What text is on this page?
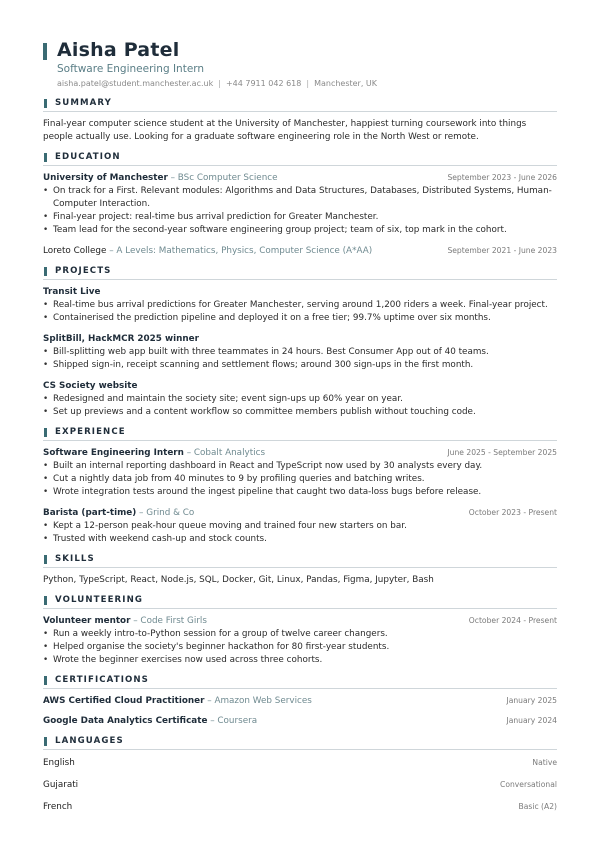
Aisha Patel
Software Engineering Intern
aisha.patel@student.manchester.ac.uk | +44 7911 042 618 | Manchester, UK
SUMMARY
Final-year computer science student at the University of Manchester, happiest turning coursework into things people actually use. Looking for a graduate software engineering role in the North West or remote.
EDUCATION
University of Manchester – BSc Computer Science	September 2023 - June 2026
• On track for a First. Relevant modules: Algorithms and Data Structures, Databases, Distributed Systems, Human-Computer Interaction.
• Final-year project: real-time bus arrival prediction for Greater Manchester.
• Team lead for the second-year software engineering group project; team of six, top mark in the cohort.
Loreto College – A Levels: Mathematics, Physics, Computer Science (A*AA)	September 2021 - June 2023
PROJECTS
Transit Live
• Real-time bus arrival predictions for Greater Manchester, serving around 1,200 riders a week. Final-year project.
• Containerised the prediction pipeline and deployed it on a free tier; 99.7% uptime over six months.
SplitBill, HackMCR 2025 winner
• Bill-splitting web app built with three teammates in 24 hours. Best Consumer App out of 40 teams.
• Shipped sign-in, receipt scanning and settlement flows; around 300 sign-ups in the first month.
CS Society website
• Redesigned and maintain the society site; event sign-ups up 60% year on year.
• Set up previews and a content workflow so committee members publish without touching code.
EXPERIENCE
Software Engineering Intern – Cobalt Analytics	June 2025 - September 2025
• Built an internal reporting dashboard in React and TypeScript now used by 30 analysts every day.
• Cut a nightly data job from 40 minutes to 9 by profiling queries and batching writes.
• Wrote integration tests around the ingest pipeline that caught two data-loss bugs before release.
Barista (part-time) – Grind & Co	October 2023 - Present
• Kept a 12-person peak-hour queue moving and trained four new starters on bar.
• Trusted with weekend cash-up and stock counts.
SKILLS
Python, TypeScript, React, Node.js, SQL, Docker, Git, Linux, Pandas, Figma, Jupyter, Bash
VOLUNTEERING
Volunteer mentor – Code First Girls	October 2024 - Present
• Run a weekly intro-to-Python session for a group of twelve career changers.
• Helped organise the society's beginner hackathon for 80 first-year students.
• Wrote the beginner exercises now used across three cohorts.
CERTIFICATIONS
AWS Certified Cloud Practitioner – Amazon Web Services	January 2025
Google Data Analytics Certificate – Coursera	January 2024
LANGUAGES
English	Native
Gujarati	Conversational
French	Basic (A2)
